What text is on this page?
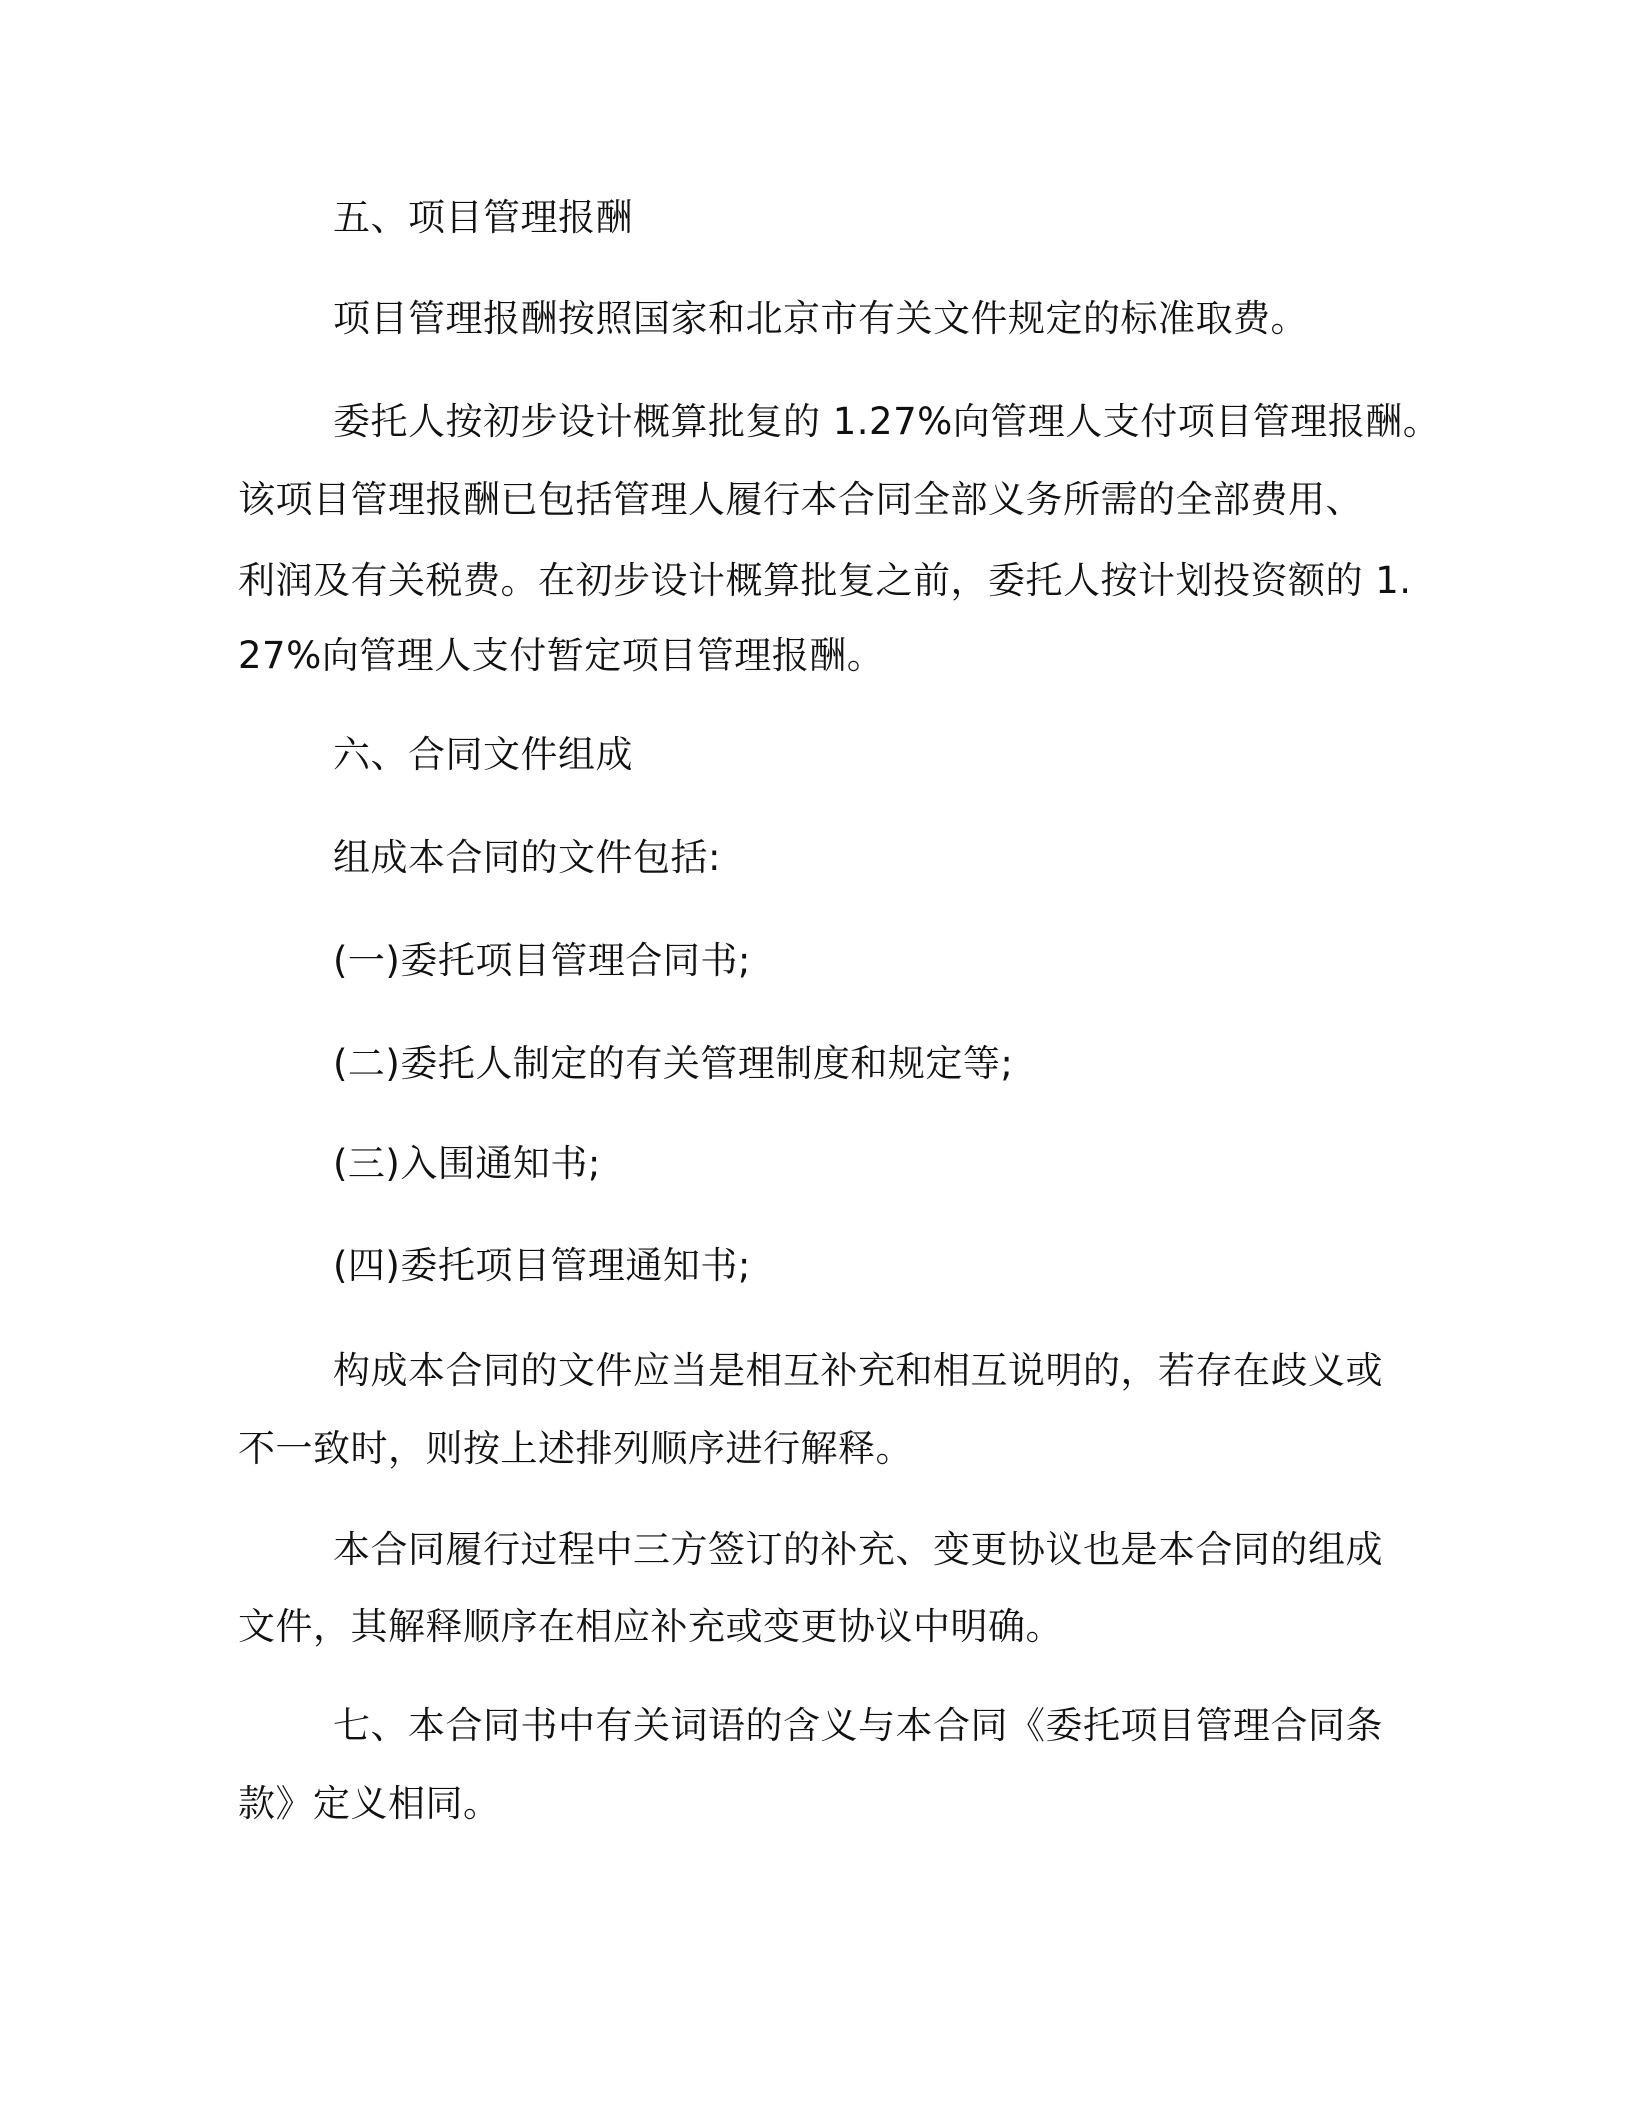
五、项目管理报酬
项目管理报酬按照国家和北京市有关文件规定的标准取费。
委托人按初步设计概算批复的 1.27%向管理人支付项目管理报酬。
该项目管理报酬已包括管理人履行本合同全部义务所需的全部费用、
利润及有关税费。在初步设计概算批复之前，委托人按计划投资额的 1.
27%向管理人支付暂定项目管理报酬。
六、合同文件组成
组成本合同的文件包括:
(一)委托项目管理合同书;
(二)委托人制定的有关管理制度和规定等;
(三)入围通知书;
(四)委托项目管理通知书;
构成本合同的文件应当是相互补充和相互说明的，若存在歧义或
不一致时，则按上述排列顺序进行解释。
本合同履行过程中三方签订的补充、变更协议也是本合同的组成
文件，其解释顺序在相应补充或变更协议中明确。
七、本合同书中有关词语的含义与本合同《委托项目管理合同条
款》定义相同。
